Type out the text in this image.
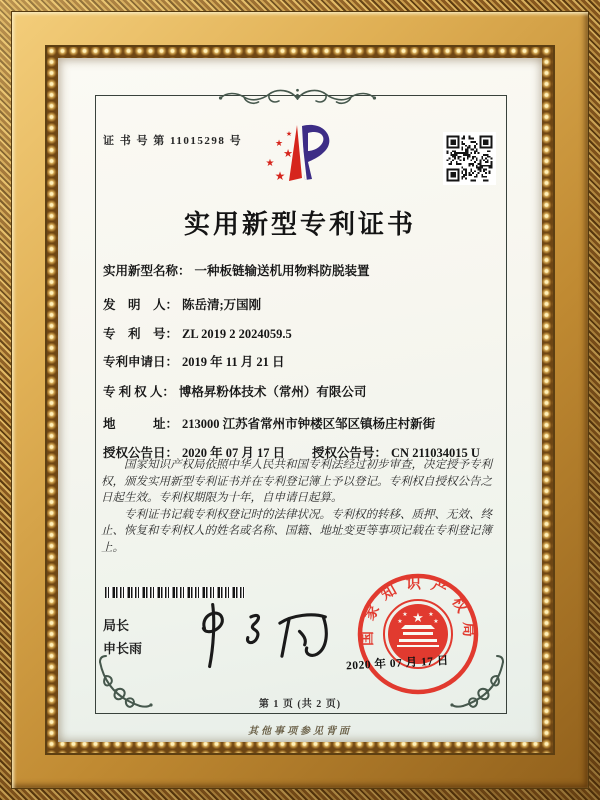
证 书 号 第 11015298 号
★
★
★
★
★
实用新型专利证书
实用新型名称： 一种板链输送机用物料防脱装置
发　明　人： 陈岳清;万国刚
专　利　号： ZL 2019 2 2024059.5
专利申请日： 2019 年 11 月 21 日
专 利 权 人： 博格昇粉体技术（常州）有限公司
地　　　址： 213000 江苏省常州市钟楼区邹区镇杨庄村新街
授权公告日： 2020 年 07 月 17 日 授权公告号： CN 211034015 U

国家知识产权局依照中华人民共和国专利法经过初步审查，决定授予专利权，颁发实用新型专利证书并在专利登记簿上予以登记。专利权自授权公告之日起生效。专利权期限为十年，自申请日起算。

专利证书记载专利权登记时的法律状况。专利权的转移、质押、无效、终止、恢复和专利权人的姓名或名称、国籍、地址变更等事项记载在专利登记簿上。

局长
申长雨
国家知识产权局
★
★	★
★	★
2020 年 07 月 17 日
第 1 页 (共 2 页)
其他事项参见背面
